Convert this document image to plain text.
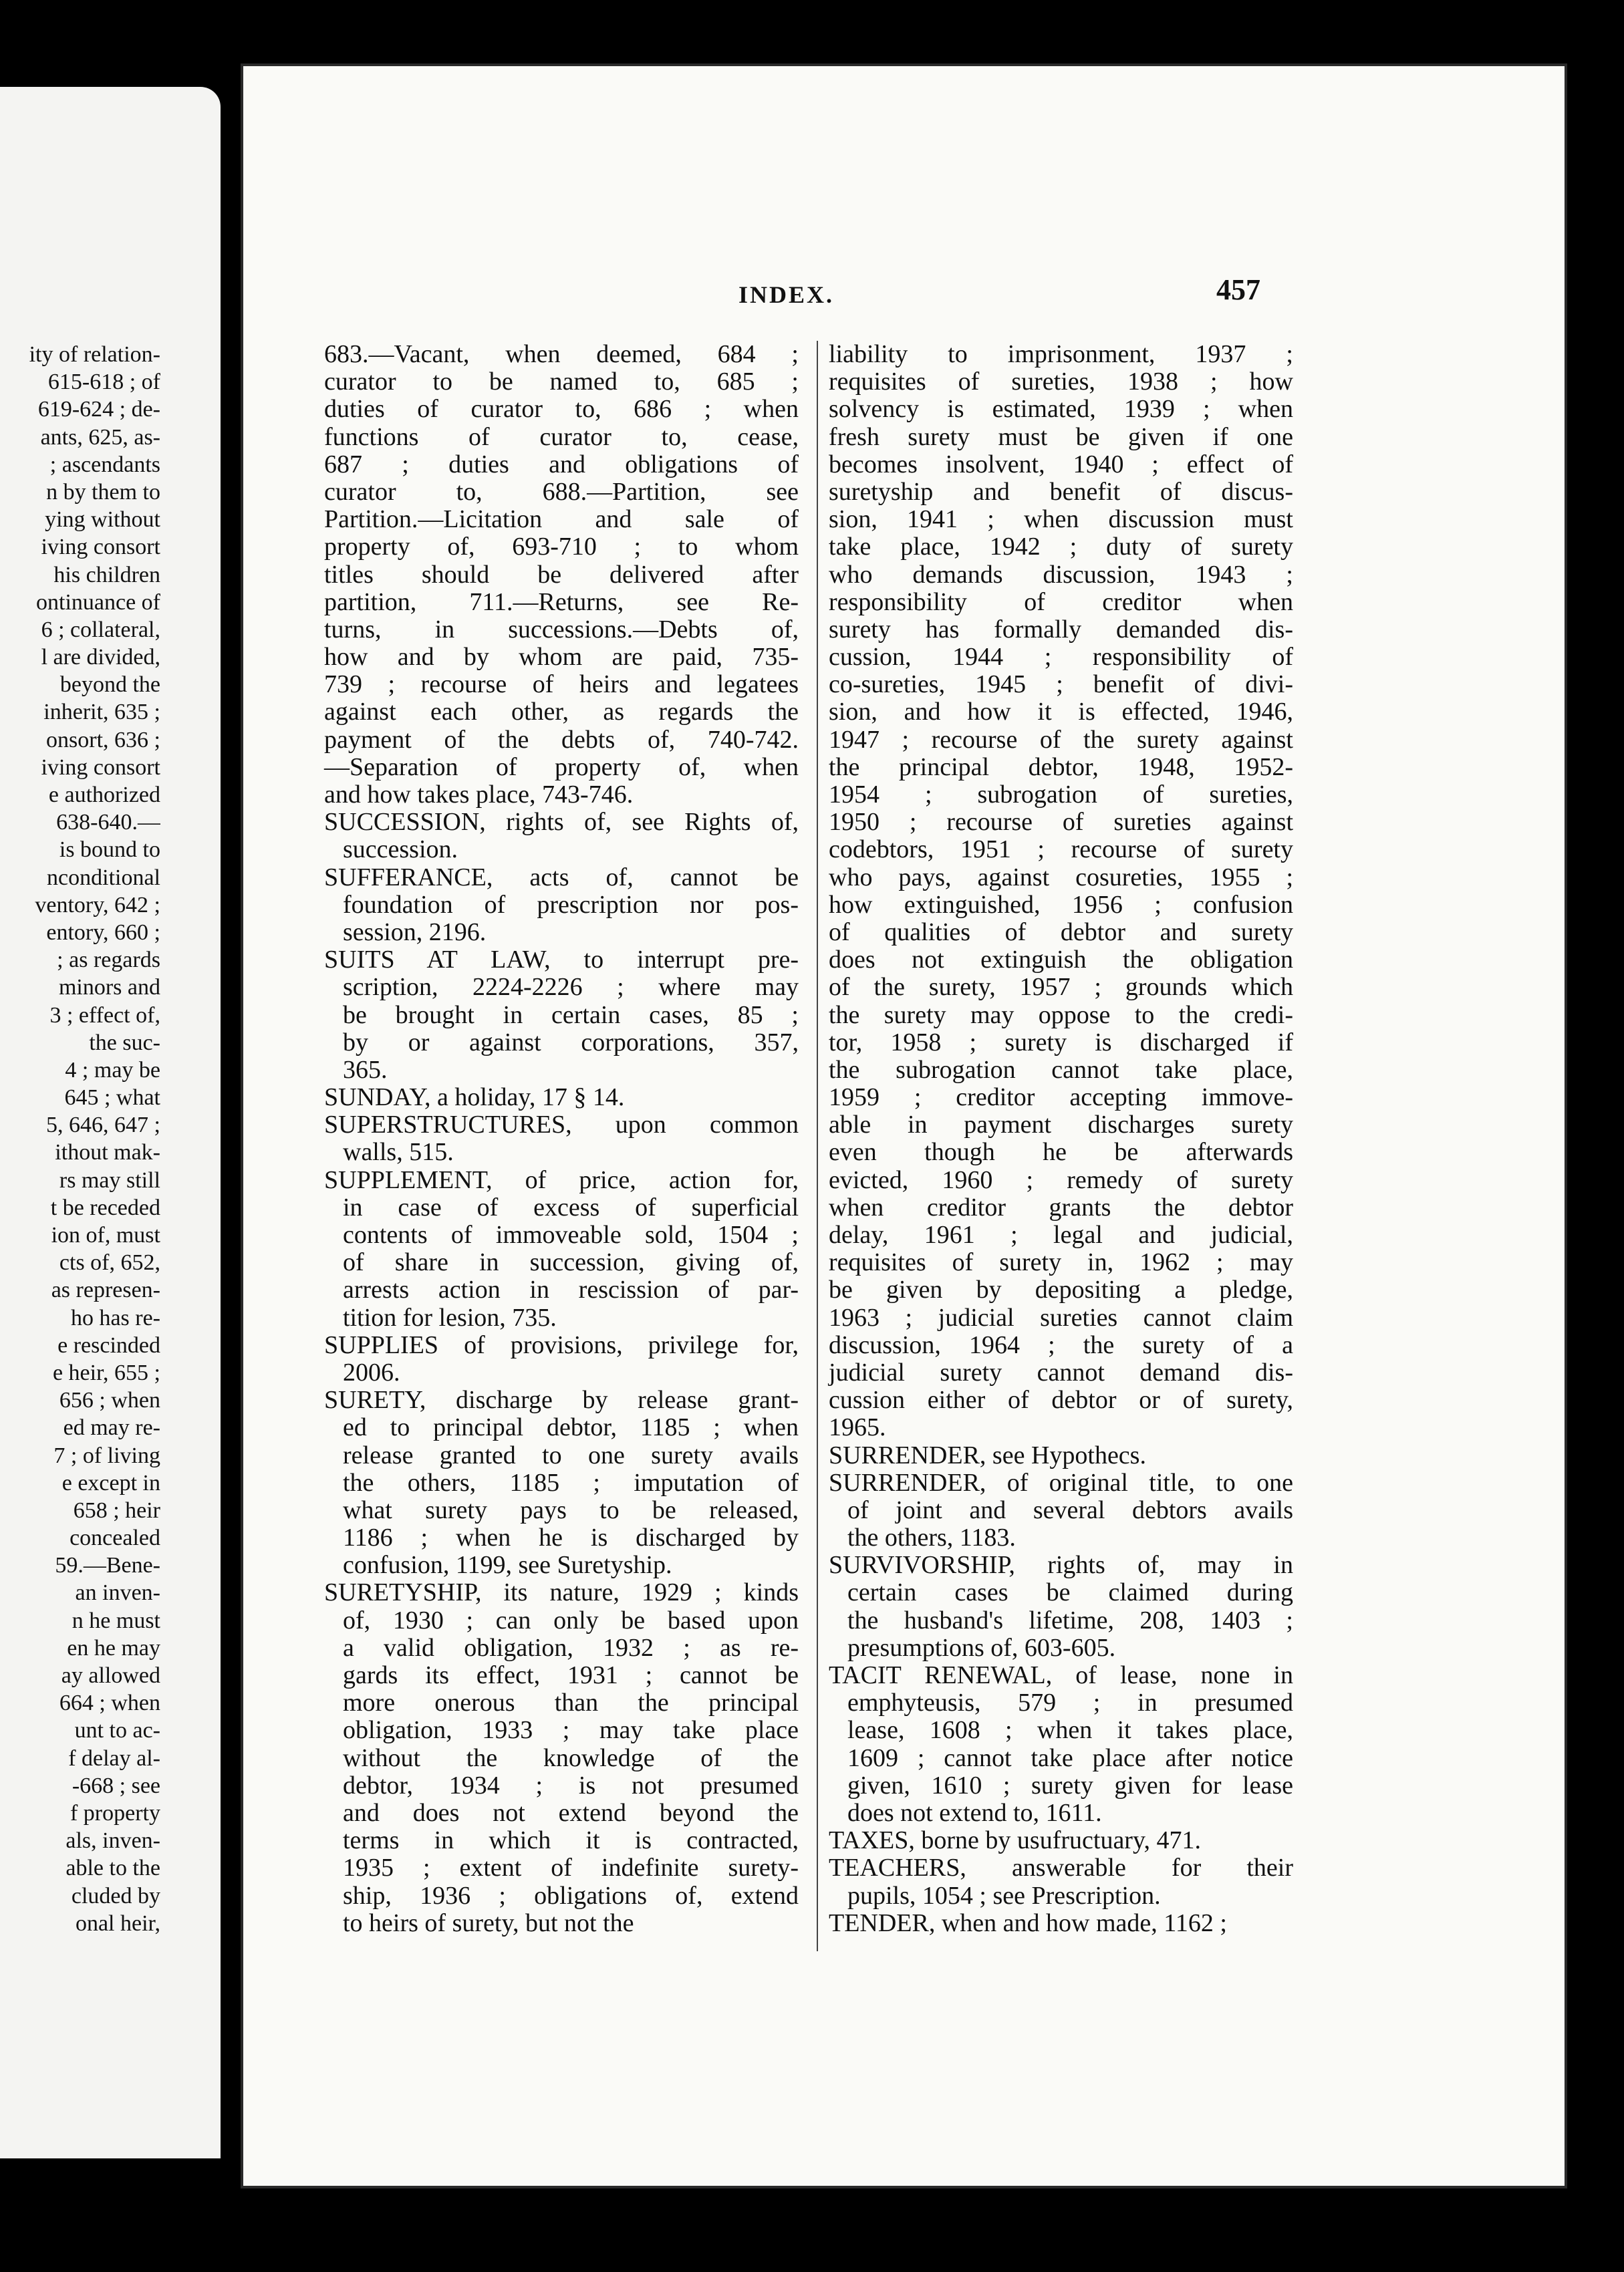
ity of relation-
615-618 ; of
619-624 ; de-
ants, 625, as-
; ascendants
n by them to
ying without
iving consort
his children
ontinuance of
6 ; collateral,
l are divided,
beyond the
inherit, 635 ;
onsort, 636 ;
iving consort
e authorized
638-640.—
is bound to
nconditional
ventory, 642 ;
entory, 660 ;
; as regards
minors and
3 ; effect of,
the suc-
4 ; may be
645 ; what
5, 646, 647 ;
ithout mak-
rs may still
t be receded
ion of, must
cts of, 652,
as represen-
ho has re-
e rescinded
e heir, 655 ;
656 ; when
ed may re-
7 ; of living
e except in
658 ; heir
concealed
59.—Bene-
an inven-
n he must
en he may
ay allowed
664 ; when
unt to ac-
f delay al-
-668 ; see
f property
als, inven-
able to the
cluded by
onal heir,
INDEX.	457
683.—Vacant, when deemed, 684 ;
curator to be named to, 685 ;
duties of curator to, 686 ; when
functions of curator to, cease,
687 ; duties and obligations of
curator to, 688.—Partition, see
Partition.—Licitation and sale of
property of, 693-710 ; to whom
titles should be delivered after
partition, 711.—Returns, see Re-
turns, in successions.—Debts of,
how and by whom are paid, 735-
739 ; recourse of heirs and legatees
against each other, as regards the
payment of the debts of, 740-742.
—Separation of property of, when
and how takes place, 743-746.
SUCCESSION, rights of, see Rights of,
succession.
SUFFERANCE, acts of, cannot be
foundation of prescription nor pos-
session, 2196.
SUITS AT LAW, to interrupt pre-
scription, 2224-2226 ; where may
be brought in certain cases, 85 ;
by or against corporations, 357,
365.
SUNDAY, a holiday, 17 § 14.
SUPERSTRUCTURES, upon common
walls, 515.
SUPPLEMENT, of price, action for,
in case of excess of superficial
contents of immoveable sold, 1504 ;
of share in succession, giving of,
arrests action in rescission of par-
tition for lesion, 735.
SUPPLIES of provisions, privilege for,
2006.
SURETY, discharge by release grant-
ed to principal debtor, 1185 ; when
release granted to one surety avails
the others, 1185 ; imputation of
what surety pays to be released,
1186 ; when he is discharged by
confusion, 1199, see Suretyship.
SURETYSHIP, its nature, 1929 ; kinds
of, 1930 ; can only be based upon
a valid obligation, 1932 ; as re-
gards its effect, 1931 ; cannot be
more onerous than the principal
obligation, 1933 ; may take place
without the knowledge of the
debtor, 1934 ; is not presumed
and does not extend beyond the
terms in which it is contracted,
1935 ; extent of indefinite surety-
ship, 1936 ; obligations of, extend
to heirs of surety, but not the
liability to imprisonment, 1937 ;
requisites of sureties, 1938 ; how
solvency is estimated, 1939 ; when
fresh surety must be given if one
becomes insolvent, 1940 ; effect of
suretyship and benefit of discus-
sion, 1941 ; when discussion must
take place, 1942 ; duty of surety
who demands discussion, 1943 ;
responsibility of creditor when
surety has formally demanded dis-
cussion, 1944 ; responsibility of
co-sureties, 1945 ; benefit of divi-
sion, and how it is effected, 1946,
1947 ; recourse of the surety against
the principal debtor, 1948, 1952-
1954 ; subrogation of sureties,
1950 ; recourse of sureties against
codebtors, 1951 ; recourse of surety
who pays, against cosureties, 1955 ;
how extinguished, 1956 ; confusion
of qualities of debtor and surety
does not extinguish the obligation
of the surety, 1957 ; grounds which
the surety may oppose to the credi-
tor, 1958 ; surety is discharged if
the subrogation cannot take place,
1959 ; creditor accepting immove-
able in payment discharges surety
even though he be afterwards
evicted, 1960 ; remedy of surety
when creditor grants the debtor
delay, 1961 ; legal and judicial,
requisites of surety in, 1962 ; may
be given by depositing a pledge,
1963 ; judicial sureties cannot claim
discussion, 1964 ; the surety of a
judicial surety cannot demand dis-
cussion either of debtor or of surety,
1965.
SURRENDER, see Hypothecs.
SURRENDER, of original title, to one
of joint and several debtors avails
the others, 1183.
SURVIVORSHIP, rights of, may in
certain cases be claimed during
the husband's lifetime, 208, 1403 ;
presumptions of, 603-605.
TACIT RENEWAL, of lease, none in
emphyteusis, 579 ; in presumed
lease, 1608 ; when it takes place,
1609 ; cannot take place after notice
given, 1610 ; surety given for lease
does not extend to, 1611.
TAXES, borne by usufructuary, 471.
TEACHERS, answerable for their
pupils, 1054 ; see Prescription.
TENDER, when and how made, 1162 ;
